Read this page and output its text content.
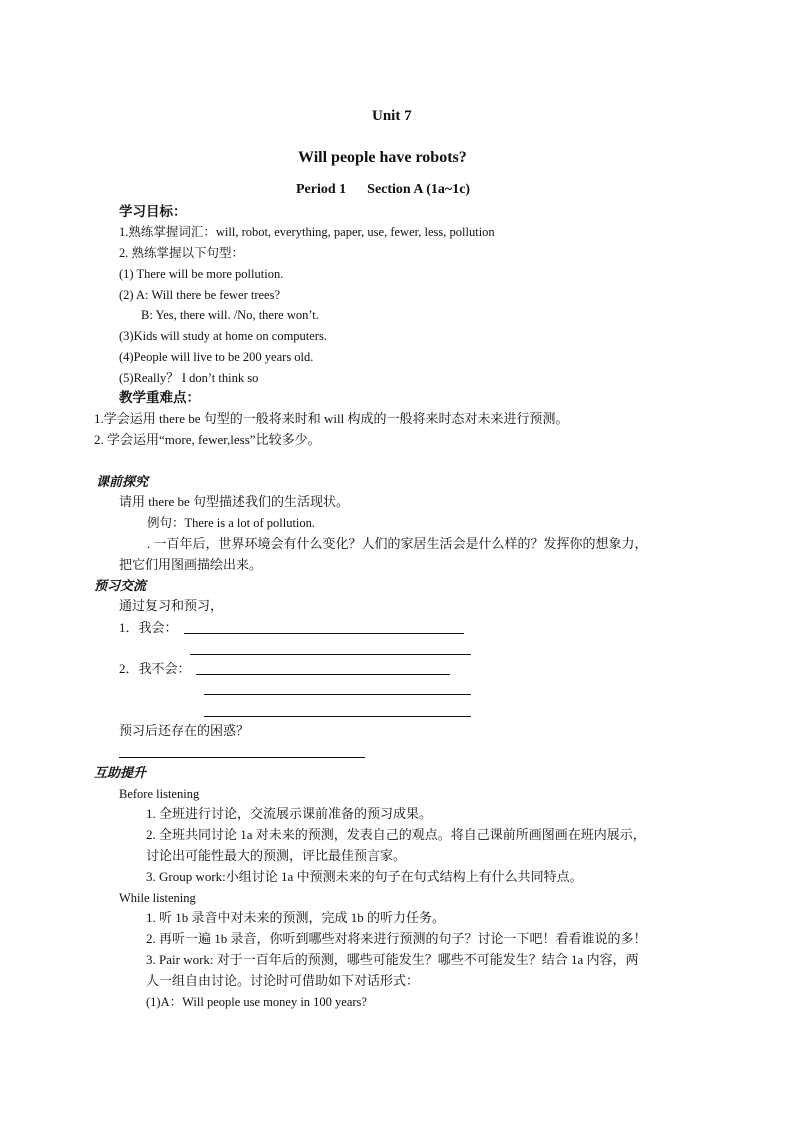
Unit 7
Will people have robots?
Period 1      Section A (1a~1c)
学习目标：
1.熟练掌握词汇：will, robot, everything, paper, use, fewer, less, pollution
2. 熟练掌握以下句型：
(1) There will be more pollution.
(2) A: Will there be fewer trees?
B: Yes, there will. /No, there won’t.
(3)Kids will study at home on computers.
(4)People will live to be 200 years old.
(5)Really？ I don’t think so
教学重难点：
1.学会运用 there be 句型的一般将来时和 will 构成的一般将来时态对未来进行预测。
2. 学会运用“more, fewer,less”比较多少。
课前探究
请用 there be 句型描述我们的生活现状。
例句：There is a lot of pollution.
. 一百年后，世界环境会有什么变化？人们的家居生活会是什么样的？发挥你的想象力，
把它们用图画描绘出来。
预习交流
通过复习和预习，
1．我会：
2．我不会：
预习后还存在的困惑？
互助提升
Before listening
1. 全班进行讨论，交流展示课前准备的预习成果。
2. 全班共同讨论 1a 对未来的预测，发表自己的观点。将自己课前所画图画在班内展示，
讨论出可能性最大的预测，评比最佳预言家。
3. Group work:小组讨论 1a 中预测未来的句子在句式结构上有什么共同特点。
While listening
1. 听 1b 录音中对未来的预测，完成 1b 的听力任务。
2. 再听一遍 1b 录音，你听到哪些对将来进行预测的句子？讨论一下吧！看看谁说的多！
3. Pair work: 对于一百年后的预测，哪些可能发生？哪些不可能发生？结合 1a 内容，两
人一组自由讨论。讨论时可借助如下对话形式：
(1)A：Will people use money in 100 years?
